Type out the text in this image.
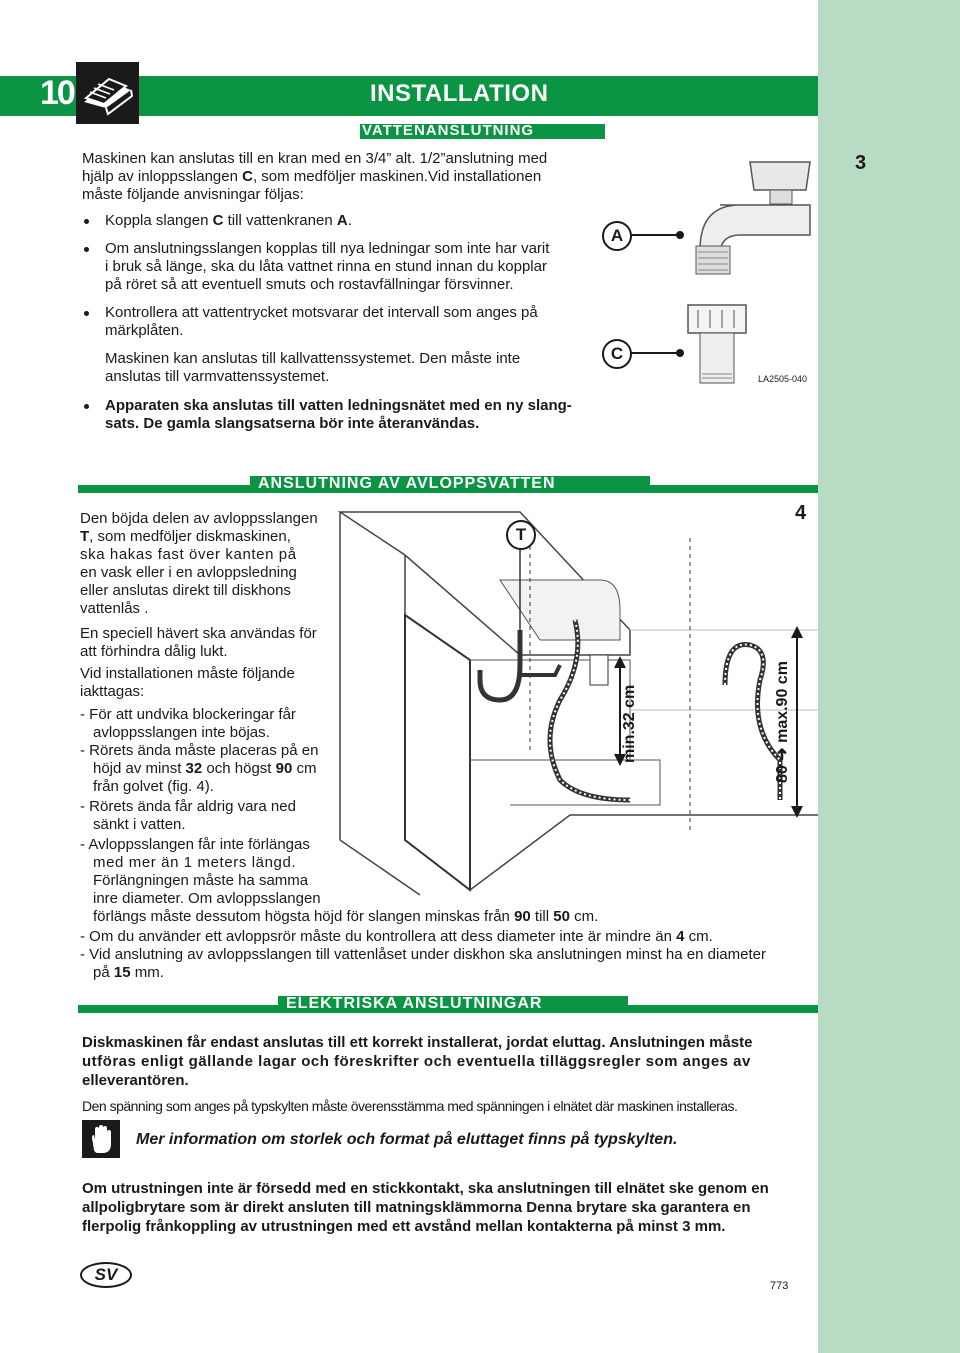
10	INSTALLATION
VATTENANSLUTNING
Maskinen kan anslutas till en kran med en 3/4” alt. 1/2”anslutning med
hjälp av inloppsslangen C, som medföljer maskinen.Vid installationen
måste följande anvisningar följas:
Koppla slangen C till vattenkranen A.
Om anslutningsslangen kopplas till nya ledningar som inte har varit
i bruk så länge, ska du låta vattnet rinna en stund innan du kopplar
på röret så att eventuell smuts och rostavfällningar försvinner.
Kontrollera att vattentrycket motsvarar det intervall som anges på
märkplåten.
Maskinen kan anslutas till kallvattenssystemet. Den måste inte
anslutas till varmvattenssystemet.
Apparaten ska anslutas till vatten ledningsnätet med en ny slang-
sats. De gamla slangsatserna bör inte återanvändas.
3
A
C
LA2505-040
ANSLUTNING AV AVLOPPSVATTEN
Den böjda delen av avloppsslangen
T, som medföljer diskmaskinen,
ska hakas fast över kanten på
en vask eller i en avloppsledning
eller anslutas direkt till diskhons
vattenlås .
En speciell hävert ska användas för
att förhindra dålig lukt.
Vid installationen måste följande
iakttagas:
- För att undvika blockeringar får
avloppsslangen inte böjas.
- Rörets ända måste placeras på en
höjd av minst 32 och högst 90 cm
från golvet (fig. 4).
- Rörets ända får aldrig vara ned
sänkt i vatten.
- Avloppsslangen får inte förlängas
med mer än 1 meters längd.
Förlängningen måste ha samma
inre diameter. Om avloppsslangen
förlängs måste dessutom högsta höjd för slangen minskas från 90 till 50 cm.
- Om du använder ett avloppsrör måste du kontrollera att dess diameter inte är mindre än 4 cm.
- Vid anslutning av avloppsslangen till vattenlåset under diskhon ska anslutningen minst ha en diameter
på 15 mm.
4
T
min.32 cm
80 ➜ max.90 cm
ELEKTRISKA ANSLUTNINGAR
Diskmaskinen får endast anslutas till ett korrekt installerat, jordat eluttag. Anslutningen måste
utföras enligt gällande lagar och föreskrifter och eventuella tilläggsregler som anges av
elleverantören.
Den spänning som anges på typskylten måste överensstämma med spänningen i elnätet där maskinen installeras.
Mer information om storlek och format på eluttaget finns på typskylten.
Om utrustningen inte är försedd med en stickkontakt, ska anslutningen till elnätet ske genom en
allpoligbrytare som är direkt ansluten till matningsklämmorna Denna brytare ska garantera en
flerpolig frånkoppling av utrustningen med ett avstånd mellan kontakterna på minst 3 mm.
SV
773
